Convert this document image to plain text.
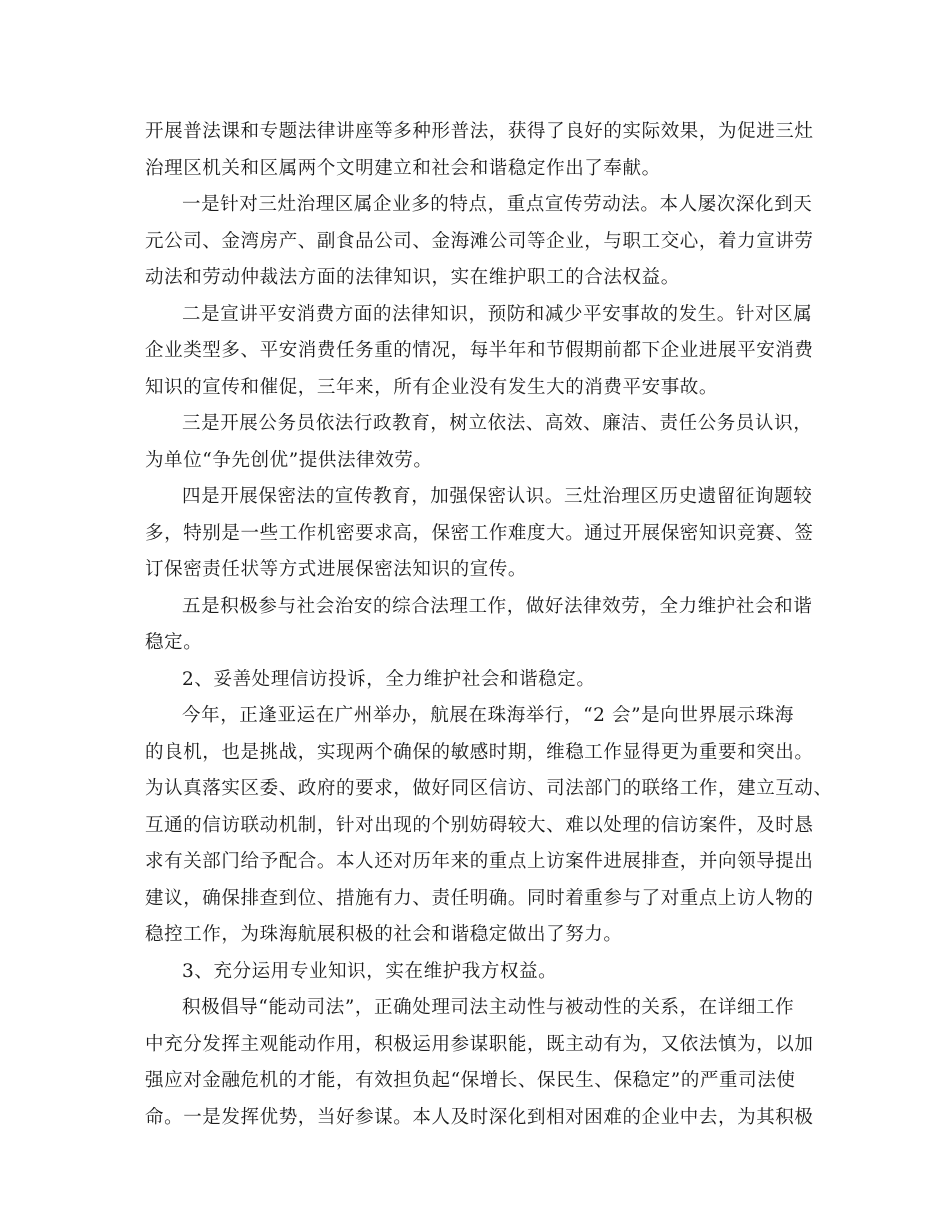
开展普法课和专题法律讲座等多种形普法，获得了良好的实际效果，为促进三灶
治理区机关和区属两个文明建立和社会和谐稳定作出了奉献。
一是针对三灶治理区属企业多的特点，重点宣传劳动法。本人屡次深化到天
元公司、金湾房产、副食品公司、金海滩公司等企业，与职工交心，着力宣讲劳
动法和劳动仲裁法方面的法律知识，实在维护职工的合法权益。
二是宣讲平安消费方面的法律知识，预防和减少平安事故的发生。针对区属
企业类型多、平安消费任务重的情况，每半年和节假期前都下企业进展平安消费
知识的宣传和催促，三年来，所有企业没有发生大的消费平安事故。
三是开展公务员依法行政教育，树立依法、高效、廉洁、责任公务员认识，
为单位“争先创优”提供法律效劳。
四是开展保密法的宣传教育，加强保密认识。三灶治理区历史遗留征询题较
多，特别是一些工作机密要求高，保密工作难度大。通过开展保密知识竞赛、签
订保密责任状等方式进展保密法知识的宣传。
五是积极参与社会治安的综合法理工作，做好法律效劳，全力维护社会和谐
稳定。
2、妥善处理信访投诉，全力维护社会和谐稳定。
今年，正逢亚运在广州举办，航展在珠海举行，“2 会”是向世界展示珠海
的良机，也是挑战，实现两个确保的敏感时期，维稳工作显得更为重要和突出。
为认真落实区委、政府的要求，做好同区信访、司法部门的联络工作，建立互动、
互通的信访联动机制，针对出现的个别妨碍较大、难以处理的信访案件，及时恳
求有关部门给予配合。本人还对历年来的重点上访案件进展排查，并向领导提出
建议，确保排查到位、措施有力、责任明确。同时着重参与了对重点上访人物的
稳控工作，为珠海航展积极的社会和谐稳定做出了努力。
3、充分运用专业知识，实在维护我方权益。
积极倡导“能动司法”，正确处理司法主动性与被动性的关系，在详细工作
中充分发挥主观能动作用，积极运用参谋职能，既主动有为，又依法慎为，以加
强应对金融危机的才能，有效担负起“保增长、保民生、保稳定”的严重司法使
命。一是发挥优势，当好参谋。本人及时深化到相对困难的企业中去，为其积极
